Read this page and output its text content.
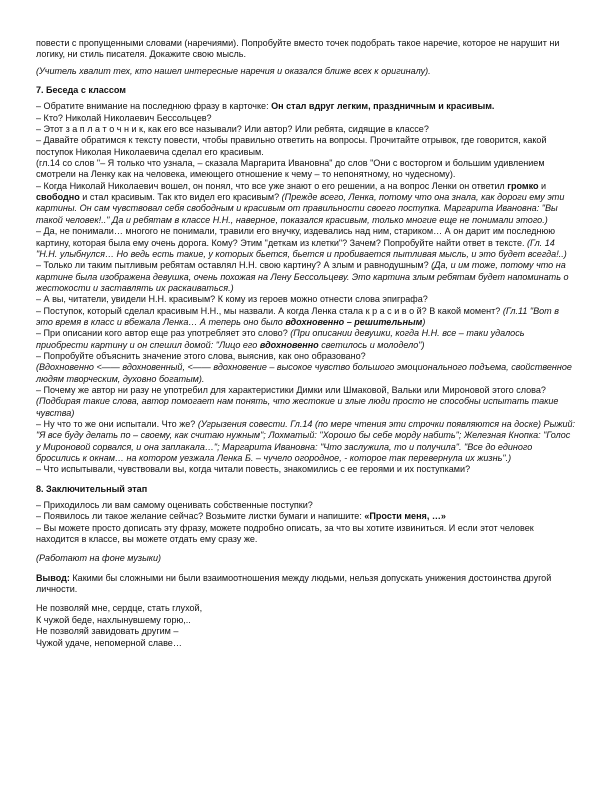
повести с пропущенными словами (наречиями). Попробуйте вместо точек подобрать такое наречие, которое не нарушит ни логику, ни стиль писателя. Докажите свою мысль.

(Учитель хвалит тех, кто нашел интересные наречия и оказался ближе всех к оригиналу).

7. Беседа с классом

– Обратите внимание на последнюю фразу в карточке: Он стал вдруг легким, праздничным и красивым.

– Кто? Николай Николаевич Бессольцев?

– Этот з а п л а т о ч н и к, как его все называли? Или автор? Или ребята, сидящие в классе?

– Давайте обратимся к тексту повести, чтобы правильно ответить на вопросы. Прочитайте отрывок, где говорится, какой поступок Николая Николаевича сделал его красивым.

(гл.14 со слов "– Я только что узнала, – сказала Маргарита Ивановна" до слов "Они с восторгом и большим удивлением смотрели на Ленку как на человека, имеющего отношение к чему – то непонятному, но чудесному).

– Когда Николай Николаевич вошел, он понял, что все уже знают о его решении, а на вопрос Ленки он ответил громко и свободно и стал красивым. Так кто видел его красивым? (Прежде всего, Ленка, потому что она знала, как дороги ему эти картины. Он сам чувствовал себя свободным и красивым от правильности своего поступка. Маргарита Ивановна: "Вы такой человек!.." Да и ребятам в классе Н.Н., наверное, показался красивым, только многие еще не понимали этого.)

– Да, не понимали… многого не понимали, травили его внучку, издевались над ним, стариком… А он дарит им последнюю картину, которая была ему очень дорога. Кому? Этим "деткам из клетки"? Зачем? Попробуйте найти ответ в тексте. (Гл. 14 "Н.Н. улыбнулся… Но ведь есть такие, у которых бьется, бьется и пробивается пытливая мысль, и это будет всегда!..)

– Только ли таким пытливым ребятам оставлял Н.Н. свою картину? А злым и равнодушным? (Да, и им тоже, потому что на картине была изображена девушка, очень похожая на Лену Бессольцеву. Это картина злым ребятам будет напоминать о жестокости и заставлять их раскаиваться.)

– А вы, читатели, увидели Н.Н. красивым? К кому из героев можно отнести слова эпиграфа?

– Поступок, который сделал красивым Н.Н., мы назвали. А когда Ленка стала к р а с и в о й? В какой момент? (Гл.11 "Вот в это время в класс и вбежала Ленка… А теперь оно было вдохновенно – решительным)

– При описании кого автор еще раз употребляет это слово? (При описании девушки, когда Н.Н. все – таки удалось приобрести картину и он спешил домой: "Лицо его вдохновенно светилось и молодело")

– Попробуйте объяснить значение этого слова, выяснив, как оно образовано?

(Вдохновенно <—— вдохновенный, <—— вдохновение – высокое чувство большого эмоционального подъема, свойственное людям творческим, духовно богатым).

– Почему же автор ни разу не употребил для характеристики Димки или Шмаковой, Вальки или Мироновой этого слова? (Подбирая такие слова, автор помогает нам понять, что жестокие и злые люди просто не способны испытать такие чувства)

– Ну что то же они испытали. Что же? (Угрызения совести. Гл.14 (по мере чтения эти строчки появляются на доске) Рыжий: "Я все буду делать по – своему, как считаю нужным"; Лохматый: "Хорошо бы себе морду набить"; Железная Кнопка: "Голос у Мироновой сорвался, и она заплакала…"; Маргарита Ивановна: "Что заслужила, то и получила". "Все до единого бросились к окнам… на котором уезжала Ленка Б. – чучело огородное, - которое так перевернула их жизнь".)

– Что испытывали, чувствовали вы, когда читали повесть, знакомились с ее героями и их поступками?

8. Заключительный этап

– Приходилось ли вам самому оценивать собственные поступки?

– Появилось ли такое желание сейчас? Возьмите листки бумаги и напишите: «Прости меня, …»

– Вы можете просто дописать эту фразу, можете подробно описать, за что вы хотите извиниться. И если этот человек находится в классе, вы можете отдать ему сразу же.

(Работают на фоне музыки)

Вывод: Какими бы сложными ни были взаимоотношения между людьми, нельзя допускать унижения достоинства другой личности.

Не позволяй мне, сердце, стать глухой,

К чужой беде, нахлынувшему горю,..

Не позволяй завидовать другим –

Чужой удаче, непомерной славе…
